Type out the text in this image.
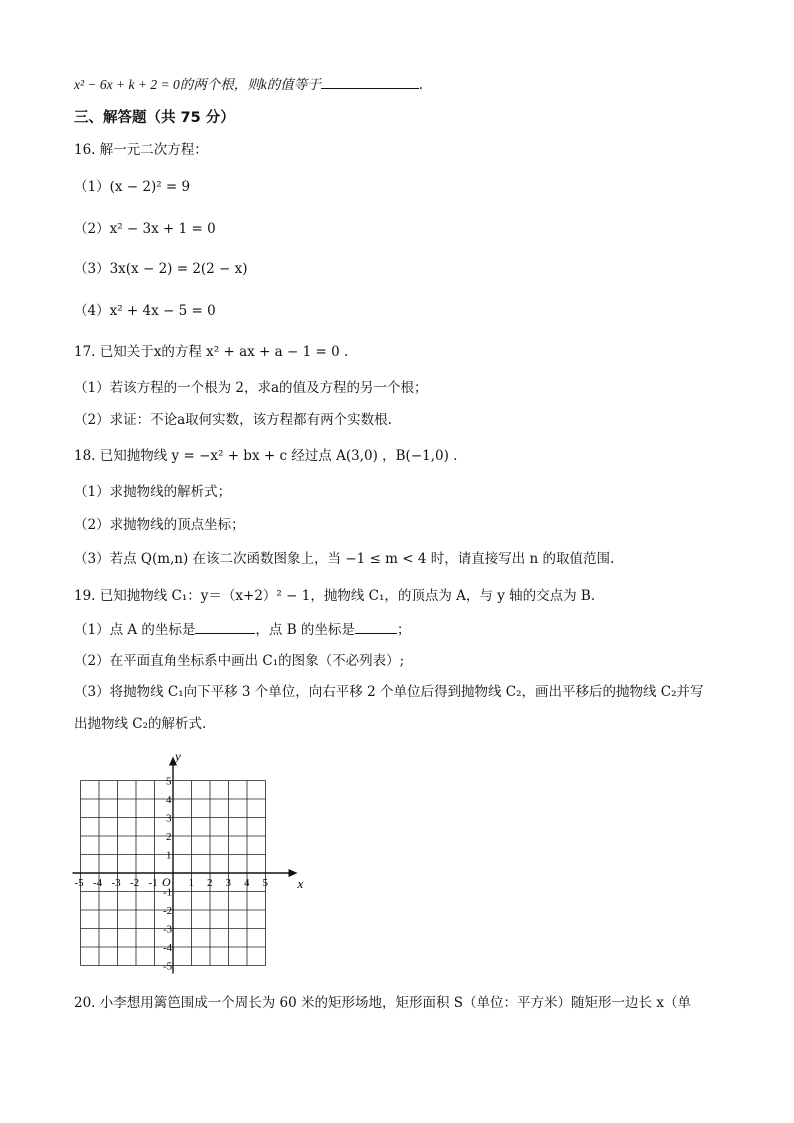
x² − 6x + k + 2 = 0的两个根，则k的值等于	.
三、解答题（共 75 分）
16. 解一元二次方程：
（1）(x − 2)² = 9
（2）x² − 3x + 1 = 0
（3）3x(x − 2) = 2(2 − x)
（4）x² + 4x − 5 = 0
17. 已知关于x的方程 x² + ax + a − 1 = 0 .
（1）若该方程的一个根为 2，求a的值及方程的另一个根；
（2）求证：不论a取何实数，该方程都有两个实数根.
18. 已知抛物线 y = −x² + bx + c 经过点 A(3,0) ，B(−1,0) .
（1）求抛物线的解析式；
（2）求抛物线的顶点坐标；
（3）若点 Q(m,n) 在该二次函数图象上，当 −1 ≤ m < 4 时，请直接写出 n 的取值范围.
19. 已知抛物线 C₁：y＝（x+2）² − 1，抛物线 C₁，的顶点为 A，与 y 轴的交点为 B.
（1）点 A 的坐标是	，点 B 的坐标是	；
（2）在平面直角坐标系中画出 C₁的图象（不必列表）;
（3）将抛物线 C₁向下平移 3 个单位，向右平移 2 个单位后得到抛物线 C₂，画出平移后的抛物线 C₂并写
出抛物线 C₂的解析式.
x
y
O
-5 -4 -3 -2 -1	1 2 3 4 5
5
4
3
2
1
-1
-2
-3
-4
-5
20. 小李想用篱笆围成一个周长为 60 米的矩形场地，矩形面积 S（单位：平方米）随矩形一边长 x（单
